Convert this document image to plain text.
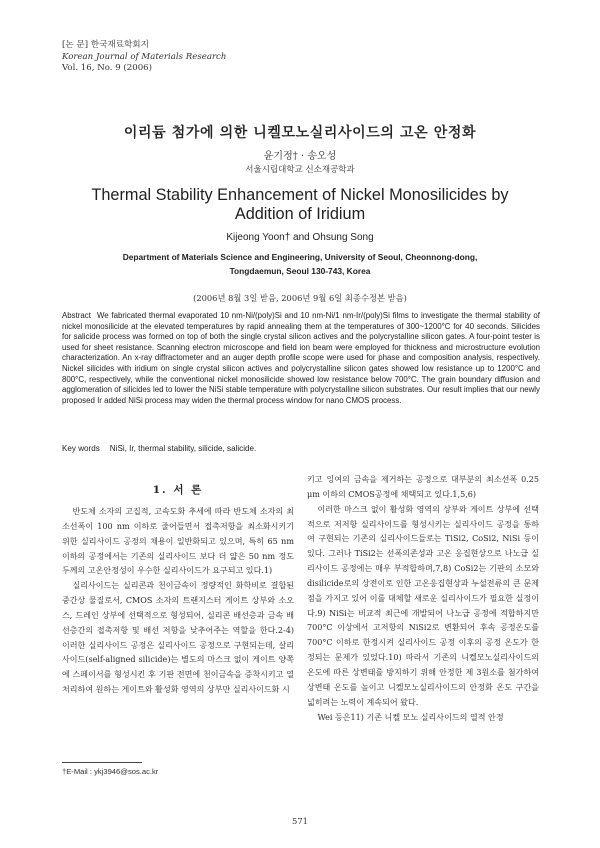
[논 문] 한국재료학회지
Korean Journal of Materials Research
Vol. 16, No. 9 (2006)
이리듐 첨가에 의한 니켈모노실리사이드의 고온 안정화
윤기정† · 송오성
서울시립대학교 신소재공학과
Thermal Stability Enhancement of Nickel Monosilicides by
Addition of Iridium
Kijeong Yoon† and Ohsung Song
Department of Materials Science and Engineering, University of Seoul, Cheonnong-dong,
Tongdaemun, Seoul 130-743, Korea
(2006년 8월 3일 받음, 2006년 9월 6일 최종수정본 받음)
Abstract We fabricated thermal evaporated 10 nm-Ni/(poly)Si and 10 nm-Ni/1 nm-Ir/(poly)Si films to investigate the thermal stability of nickel monosilicide at the elevated temperatures by rapid annealing them at the temperatures of 300~1200°C for 40 seconds. Silicides for salicide process was formed on top of both the single crystal silicon actives and the polycrystalline silicon gates. A four-point tester is used for sheet resistance. Scanning electron microscope and field ion beam were employed for thickness and microstructure evolution characterization. An x-ray diffractometer and an auger depth profile scope were used for phase and composition analysis, respectively. Nickel silicides with iridium on single crystal silicon actives and polycrystalline silicon gates showed low resistance up to 1200°C and 800°C, respectively, while the conventional nickel monosilicide showed low resistance below 700°C. The grain boundary diffusion and agglomeration of silicides led to lower the NiSi stable temperature with polycrystalline silicon substrates. Our result implies that our newly proposed Ir added NiSi process may widen the thermal process window for nano CMOS process.
Key words NiSi, Ir, thermal stability, silicide, salicide.
1. 서 론

반도체 소자의 고집적, 고속도화 추세에 따라 반도체 소자의 최소선폭이 100 nm 이하로 줄어들면서 접촉저항을 최소화시키기 위한 실리사이드 공정의 채용이 일반화되고 있으며, 특히 65 nm 이하의 공정에서는 기존의 실리사이드 보다 더 얇은 50 nm 정도 두께의 고온안정성이 우수한 실리사이드가 요구되고 있다.1)

실리사이드는 실리콘과 천이금속이 정량적인 화학비로 결합된 중간상 물질로서, CMOS 소자의 트랜지스터 게이트 상부와 소오스, 드레인 상부에 선택적으로 형성되어, 실리콘 배선층과 금속 배선층간의 접촉저항 및 배선 저항을 낮추어주는 역할을 한다.2-4) 이러한 실리사이드 공정은 실리사이드 공정으로 구현되는데, 살리사이드(self-aligned silicide)는 별도의 마스크 없이 게이트 양쪽에 스페이서를 형성시킨 후 기판 전면에 천이금속을 증착시키고 열처리하여 원하는 게이트와 활성화 영역의 상부만 실리사이드화 시

키고 잉여의 금속을 제거하는 공정으로 대부분의 최소선폭 0.25 μm 이하의 CMOS공정에 채택되고 있다.1,5,6)

이러한 마스크 없이 활성화 영역의 상부와 게이트 상부에 선택적으로 저저항 실리사이드를 형성시키는 실리사이드 공정을 통하여 구현되는 기존의 실리사이드들로는 TiSi2, CoSi2, NiSi 등이 있다. 그러나 TiSi2는 선폭의존성과 고온 응집현상으로 나노급 실리사이드 공정에는 매우 부적합하며,7,8) CoSi2는 기판의 소모와 disilicide로의 상전이로 인한 고온응집현상과 누설전류의 큰 문제점을 가지고 있어 이를 대체할 새로운 실리사이드가 필요한 실정이다.9) NiSi는 비교적 최근에 개발되어 나노급 공정에 적합하지만 700°C 이상에서 고저항의 NiSi2로 변환되어 후속 공정온도를 700°C 이하로 한정시켜 실리사이드 공정 이후의 공정 온도가 한정되는 문제가 있었다.10) 따라서 기존의 니켈모노실리사이드의 온도에 따른 상변태를 방지하기 위해 안정한 제 3원소를 첨가하여 상변태 온도를 높이고 니켈모노실리사이드의 안정화 온도 구간을 넓히려는 노력이 계속되어 왔다.

Wei 등은11) 기존 니켈 모노 실리사이드의 열적 안정

†E-Mail : ykj3946@sos.ac.kr
571
